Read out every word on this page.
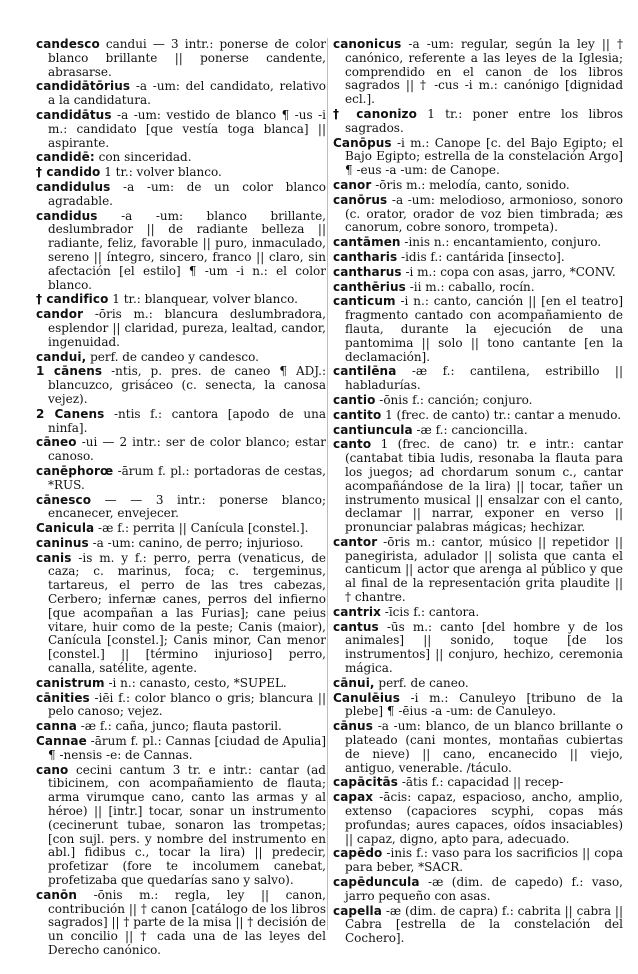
candesco candui — 3 intr.: ponerse de color blanco brillante || ponerse candente, abrasarse.

candidātōrius -a -um: del candidato, relativo a la candidatura.

candidātus -a -um: vestido de blanco ¶ -us -i m.: candidato [que vestía toga blanca] || aspirante.

candidē: con sinceridad.

† candido 1 tr.: volver blanco.

candidulus -a -um: de un color blanco agradable.

candidus -a -um: blanco brillante, deslumbrador || de radiante belleza || radiante, feliz, favorable || puro, inmaculado, sereno || íntegro, sincero, franco || claro, sin afectación [el estilo] ¶ -um -i n.: el color blanco.

† candifico 1 tr.: blanquear, volver blanco.

candor -ōris m.: blancura deslumbradora, esplendor || claridad, pureza, lealtad, candor, ingenuidad.

candui, perf. de candeo y candesco.

1 cānens -ntis, p. pres. de caneo ¶ ADJ.: blancuzco, grisáceo (c. senecta, la canosa vejez).

2 Canens -ntis f.: cantora [apodo de una ninfa].

cāneo -ui — 2 intr.: ser de color blanco; estar canoso.

canēphorœ -ārum f. pl.: portadoras de cestas, *RUS.

cānesco — — 3 intr.: ponerse blanco; encanecer, envejecer.

Canicula -æ f.: perrita || Canícula [constel.].

caninus -a -um: canino, de perro; injurioso.

canis -is m. y f.: perro, perra (venaticus, de caza; c. marinus, foca; c. tergeminus, tartareus, el perro de las tres cabezas, Cerbero; infernæ canes, perros del infierno [que acompañan a las Furias]; cane peius vitare, huir como de la peste; Canis (maior), Canícula [constel.]; Canis minor, Can menor [constel.] || [término injurioso] perro, canalla, satélite, agente.

canistrum -i n.: canasto, cesto, *SUPEL.

cānities -iēi f.: color blanco o gris; blancura || pelo canoso; vejez.

canna -æ f.: caña, junco; flauta pastoril.

Cannae -ārum f. pl.: Cannas [ciudad de Apulia] ¶ -nensis -e: de Cannas.

cano cecini cantum 3 tr. e intr.: cantar (ad tibicinem, con acompañamiento de flauta; arma virumque cano, canto las armas y al héroe) || [intr.] tocar, sonar un instrumento (cecinerunt tubae, sonaron las trompetas; [con sujl. pers. y nombre del instrumento en abl.] fidibus c., tocar la lira) || predecir, profetizar (fore te incolumem canebat, profetizaba que quedarías sano y salvo).

canōn -ōnis m.: regla, ley || canon, contribución || † canon [catálogo de los libros sagrados] || † parte de la misa || † decisión de un concilio || † cada una de las leyes del Derecho canónico.

canonicus -a -um: regular, según la ley || † canónico, referente a las leyes de la Iglesia; comprendido en el canon de los libros sagrados || † -cus -i m.: canónigo [dignidad ecl.].

† canonizo 1 tr.: poner entre los libros sagrados.

Canōpus -i m.: Canope [c. del Bajo Egipto; el Bajo Egipto; estrella de la constelación Argo] ¶ -eus -a -um: de Canope.

canor -ōris m.: melodía, canto, sonido.

canōrus -a -um: melodioso, armonioso, sonoro (c. orator, orador de voz bien timbrada; æs canorum, cobre sonoro, trompeta).

cantāmen -inis n.: encantamiento, conjuro.

cantharis -idis f.: cantárida [insecto].

cantharus -i m.: copa con asas, jarro, *CONV.

canthērius -ii m.: caballo, rocín.

canticum -i n.: canto, canción || [en el teatro] fragmento cantado con acompañamiento de flauta, durante la ejecución de una pantomima || solo || tono cantante [en la declamación].

cantilēna -æ f.: cantilena, estribillo || habladurías.

cantio -ōnis f.: canción; conjuro.

cantito 1 (frec. de canto) tr.: cantar a menudo.

cantiuncula -æ f.: cancioncilla.

canto 1 (frec. de cano) tr. e intr.: cantar (cantabat tibia ludis, resonaba la flauta para los juegos; ad chordarum sonum c., cantar acompañándose de la lira) || tocar, tañer un instrumento musical || ensalzar con el canto, declamar || narrar, exponer en verso || pronunciar palabras mágicas; hechizar.

cantor -ōris m.: cantor, músico || repetidor || panegirista, adulador || solista que canta el canticum || actor que arenga al público y que al final de la representación grita plaudite || † chantre.

cantrix -īcis f.: cantora.

cantus -ūs m.: canto [del hombre y de los animales] || sonido, toque [de los instrumentos] || conjuro, hechizo, ceremonia mágica.

cānui, perf. de caneo.

Canulēius -i m.: Canuleyo [tribuno de la plebe] ¶ -ēius -a -um: de Canuleyo.

cānus -a -um: blanco, de un blanco brillante o plateado (cani montes, montañas cubiertas de nieve) || cano, encanecido || viejo, antiguo, venerable. /táculo.

capācitās -ātis f.: capacidad || recep-

capax -ācis: capaz, espacioso, ancho, amplio, extenso (capaciores scyphi, copas más profundas; aures capaces, oídos insaciables) || capaz, digno, apto para, adecuado.

capēdo -inis f.: vaso para los sacrificios || copa para beber, *SACR.

capēduncula -æ (dim. de capedo) f.: vaso, jarro pequeño con asas.

capella -æ (dim. de capra) f.: cabrita || cabra || Cabra [estrella de la constelación del Cochero].
